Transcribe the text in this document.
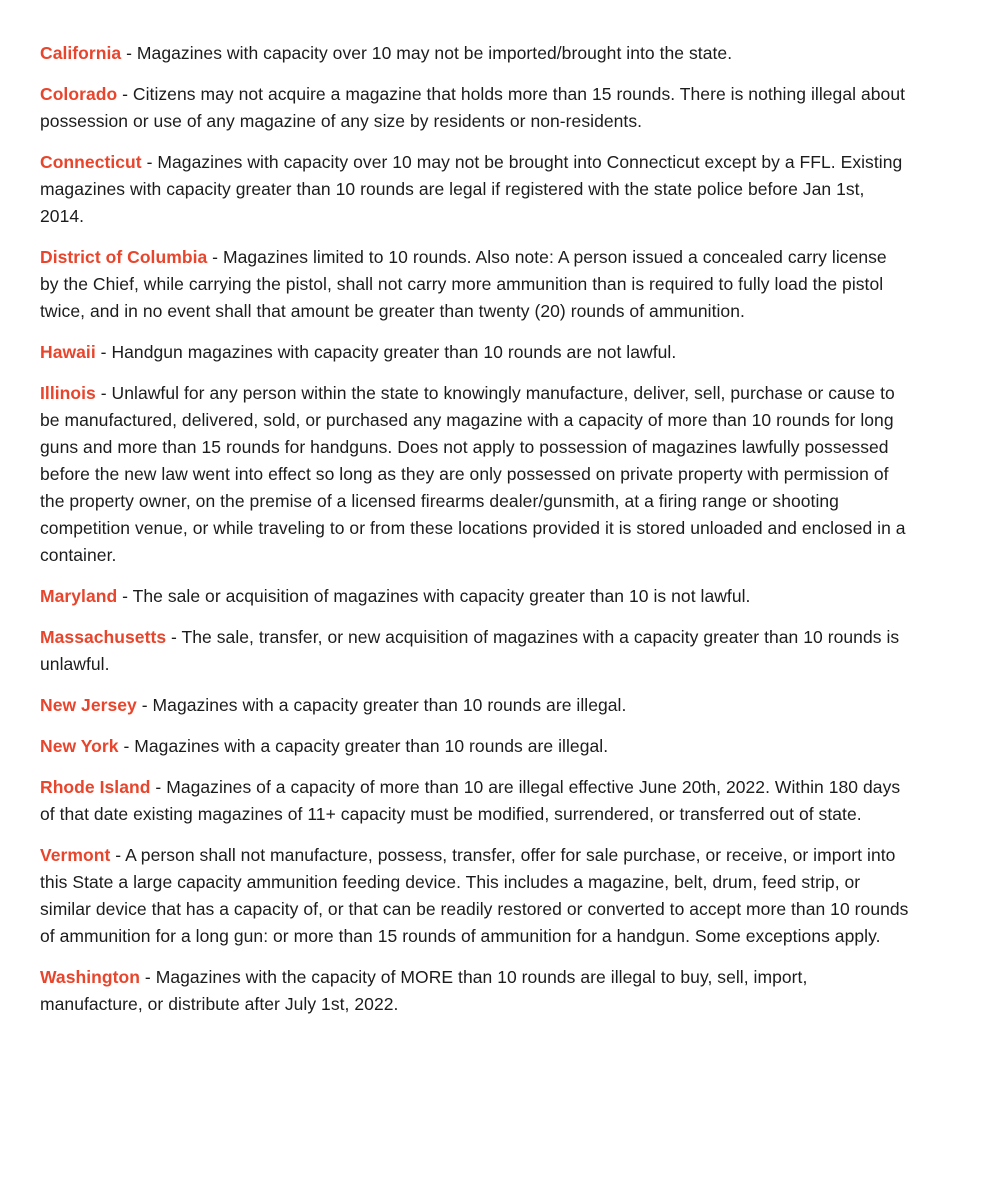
California - Magazines with capacity over 10 may not be imported/brought into the state.

Colorado - Citizens may not acquire a magazine that holds more than 15 rounds. There is nothing illegal about possession or use of any magazine of any size by residents or non-residents.

Connecticut - Magazines with capacity over 10 may not be brought into Connecticut except by a FFL. Existing magazines with capacity greater than 10 rounds are legal if registered with the state police before Jan 1st, 2014.

District of Columbia - Magazines limited to 10 rounds. Also note: A person issued a concealed carry license by the Chief, while carrying the pistol, shall not carry more ammunition than is required to fully load the pistol twice, and in no event shall that amount be greater than twenty (20) rounds of ammunition.

Hawaii - Handgun magazines with capacity greater than 10 rounds are not lawful.

Illinois - Unlawful for any person within the state to knowingly manufacture, deliver, sell, purchase or cause to be manufactured, delivered, sold, or purchased any magazine with a capacity of more than 10 rounds for long guns and more than 15 rounds for handguns. Does not apply to possession of magazines lawfully possessed before the new law went into effect so long as they are only possessed on private property with permission of the property owner, on the premise of a licensed firearms dealer/gunsmith, at a firing range or shooting competition venue, or while traveling to or from these locations provided it is stored unloaded and enclosed in a container.

Maryland - The sale or acquisition of magazines with capacity greater than 10 is not lawful.

Massachusetts - The sale, transfer, or new acquisition of magazines with a capacity greater than 10 rounds is unlawful.

New Jersey - Magazines with a capacity greater than 10 rounds are illegal.

New York - Magazines with a capacity greater than 10 rounds are illegal.

Rhode Island - Magazines of a capacity of more than 10 are illegal effective June 20th, 2022. Within 180 days of that date existing magazines of 11+ capacity must be modified, surrendered, or transferred out of state.

Vermont - A person shall not manufacture, possess, transfer, offer for sale purchase, or receive, or import into this State a large capacity ammunition feeding device. This includes a magazine, belt, drum, feed strip, or similar device that has a capacity of, or that can be readily restored or converted to accept more than 10 rounds of ammunition for a long gun: or more than 15 rounds of ammunition for a handgun. Some exceptions apply.

Washington - Magazines with the capacity of MORE than 10 rounds are illegal to buy, sell, import, manufacture, or distribute after July 1st, 2022.
